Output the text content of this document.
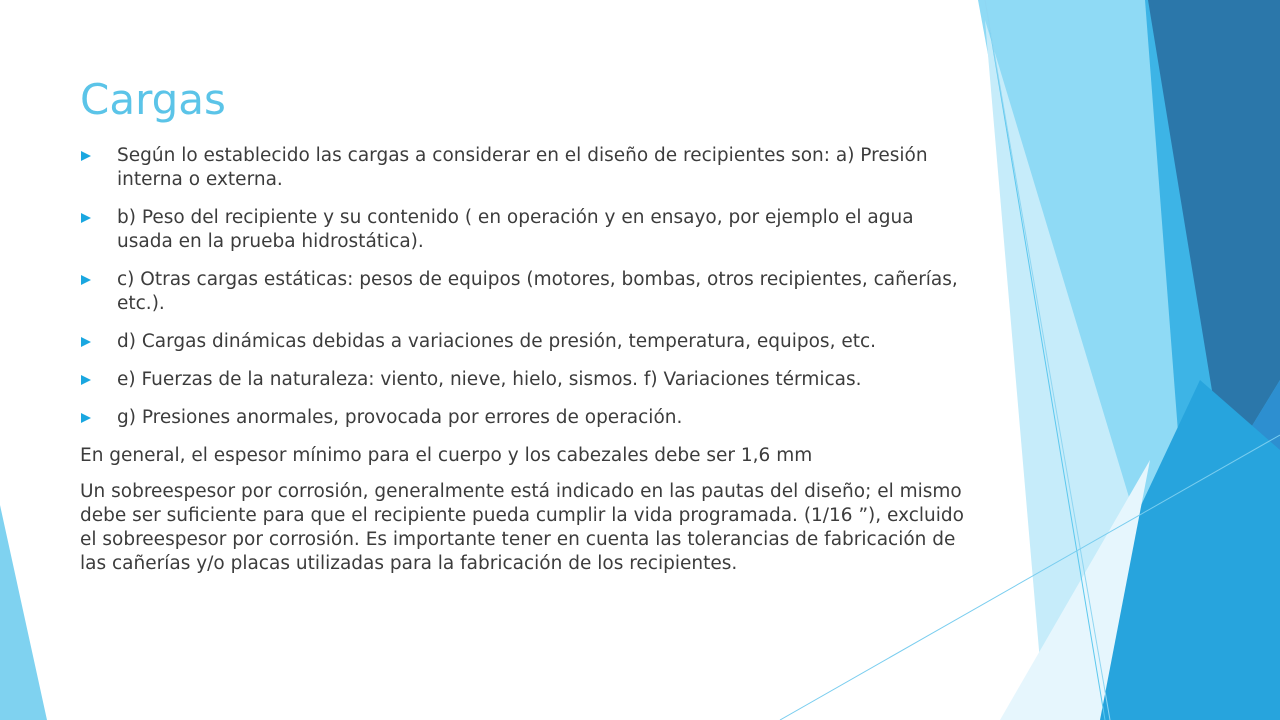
Cargas
Según lo establecido las cargas a considerar en el diseño de recipientes son: a) Presión interna o externa.
b) Peso del recipiente y su contenido ( en operación y en ensayo, por ejemplo el agua usada en la prueba hidrostática).
c) Otras cargas estáticas: pesos de equipos (motores, bombas, otros recipientes, cañerías, etc.).
d) Cargas dinámicas debidas a variaciones de presión, temperatura, equipos, etc.
e) Fuerzas de la naturaleza: viento, nieve, hielo, sismos. f) Variaciones térmicas.
g) Presiones anormales, provocada por errores de operación.

En general, el espesor mínimo para el cuerpo y los cabezales debe ser 1,6 mm

Un sobreespesor por corrosión, generalmente está indicado en las pautas del diseño; el mismo debe ser suficiente para que el recipiente pueda cumplir la vida programada. (1/16 ”), excluido el sobreespesor por corrosión. Es importante tener en cuenta las tolerancias de fabricación de las cañerías y/o placas utilizadas para la fabricación de los recipientes.
